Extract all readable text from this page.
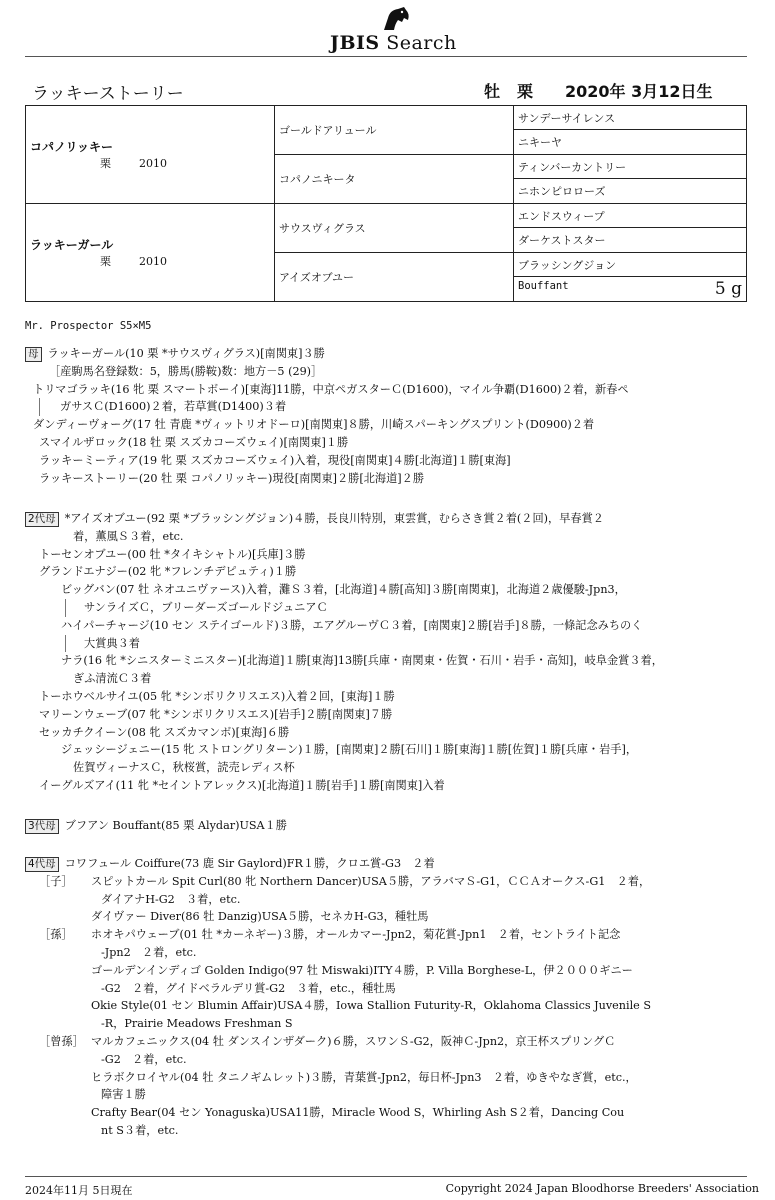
JBIS Search
ラッキーストーリー	牡 栗 2020年 3月12日生
コパノリッキー
栗 2010	ゴールドアリュール	サンデーサイレンス
		ニキーヤ
	コパノニキータ	ティンバーカントリー
		ニホンピロローズ

ラッキーガール
栗 2010	サウスヴィグラス	エンドスウィープ
		ダーケストスター
	アイズオブユー	ブラッシングジョン
		Bouffant 5 g
Mr. Prospector S5×M5
母 ラッキーガール(10 栗 *サウスヴィグラス)[南関東]３勝
［産駒馬名登録数：5，勝馬(勝鞍)数：地方－5 (29)］
トリマゴラッキ(16 牝 栗 スマートボーイ)[東海]11勝，中京ペガスターＣ(D1600)，マイル争覇(D1600)２着，新春ペ
ガサスＣ(D1600)２着，若草賞(D1400)３着
ダンディーヴォーグ(17 牡 青鹿 *ヴィットリオドーロ)[南関東]８勝，川崎スパーキングスプリント(D0900)２着
スマイルザロック(18 牡 栗 スズカコーズウェイ)[南関東]１勝
ラッキーミーティア(19 牝 栗 スズカコーズウェイ)入着，現役[南関東]４勝[北海道]１勝[東海]
ラッキーストーリー(20 牡 栗 コパノリッキー)現役[南関東]２勝[北海道]２勝
2代母 *アイズオブユー(92 栗 *ブラッシングジョン)４勝，長良川特別，東雲賞，むらさき賞２着(２回)，早春賞２
着，薫風Ｓ３着，etc.
トーセンオブユー(00 牡 *タイキシャトル)[兵庫]３勝
グランドエナジー(02 牝 *フレンチデピュティ)１勝
ビッグバン(07 牡 ネオユニヴァース)入着，灘Ｓ３着，[北海道]４勝[高知]３勝[南関東]，北海道２歳優駿-Jpn3，
サンライズＣ，ブリーダーズゴールドジュニアＣ
ハイパーチャージ(10 セン ステイゴールド)３勝，エアグルーヴＣ３着，[南関東]２勝[岩手]８勝，一條記念みちのく
大賞典３着
ナラ(16 牝 *シニスターミニスター)[北海道]１勝[東海]13勝[兵庫・南関東・佐賀・石川・岩手・高知]，岐阜金賞３着，
ぎふ清流Ｃ３着
トーホウベルサイユ(05 牝 *シンボリクリスエス)入着２回，[東海]１勝
マリーンウェーブ(07 牝 *シンボリクリスエス)[岩手]２勝[南関東]７勝
セッカチクイーン(08 牝 スズカマンボ)[東海]６勝
ジェッシージェニー(15 牝 ストロングリターン)１勝，[南関東]２勝[石川]１勝[東海]１勝[佐賀]１勝[兵庫・岩手]，
佐賀ヴィーナスＣ，秋桜賞，読売レディス杯
イーグルズアイ(11 牝 *セイントアレックス)[北海道]１勝[岩手]１勝[南関東]入着
3代母 ブフアン Bouffant(85 栗 Alydar)USA１勝
4代母 コワフュール Coiffure(73 鹿 Sir Gaylord)FR１勝，クロエ賞-G3　２着
［子］ スピットカール Spit Curl(80 牝 Northern Dancer)USA５勝，アラバマＳ-G1，ＣＣＡオークス-G1　２着，
ダイアナH-G2　３着，etc.
ダイヴァー Diver(86 牡 Danzig)USA５勝，セネカH-G3，種牡馬
［孫］ ホオキパウェーブ(01 牡 *カーネギー)３勝，オールカマー-Jpn2，菊花賞-Jpn1　２着，セントライト記念
-Jpn2　２着，etc.
ゴールデンインディゴ Golden Indigo(97 牡 Miswaki)ITY４勝，P. Villa Borghese-L，伊２０００ギニー
-G2　２着，グイドベラルデリ賞-G2　３着，etc.，種牡馬
Okie Style(01 セン Blumin Affair)USA４勝，Iowa Stallion Futurity-R，Oklahoma Classics Juvenile S
-R，Prairie Meadows Freshman S
［曾孫］ マルカフェニックス(04 牡 ダンスインザダーク)６勝，スワンＳ-G2，阪神Ｃ-Jpn2，京王杯スプリングＣ
-G2　２着，etc.
ヒラボクロイヤル(04 牡 タニノギムレット)３勝，青葉賞-Jpn2，毎日杯-Jpn3　２着，ゆきやなぎ賞，etc.，
障害１勝
Crafty Bear(04 セン Yonaguska)USA11勝，Miracle Wood S，Whirling Ash S２着，Dancing Cou
nt S３着，etc.
2024年11月 5日現在	Copyright 2024 Japan Bloodhorse Breeders' Association
